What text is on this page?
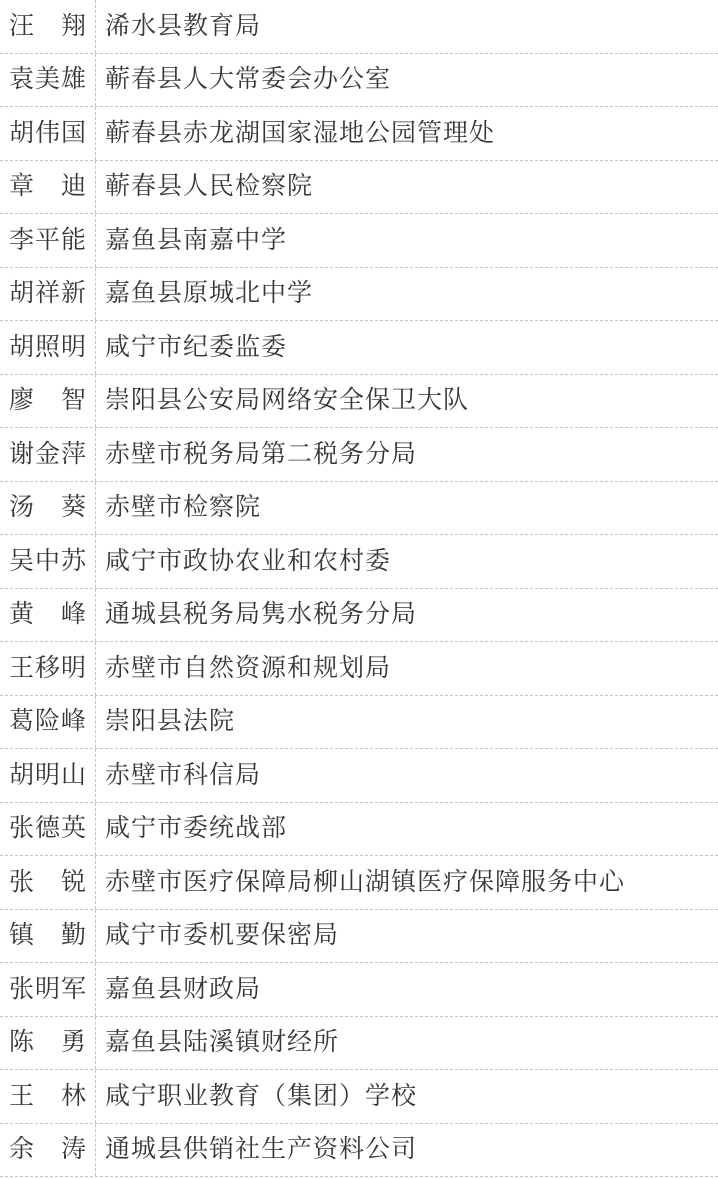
汪　翔 浠水县教育局
袁美雄 蕲春县人大常委会办公室
胡伟国 蕲春县赤龙湖国家湿地公园管理处
章　迪 蕲春县人民检察院
李平能 嘉鱼县南嘉中学
胡祥新 嘉鱼县原城北中学
胡照明 咸宁市纪委监委
廖　智 崇阳县公安局网络安全保卫大队
谢金萍 赤壁市税务局第二税务分局
汤　葵 赤壁市检察院
吴中苏 咸宁市政协农业和农村委
黄　峰 通城县税务局隽水税务分局
王移明 赤壁市自然资源和规划局
葛险峰 崇阳县法院
胡明山 赤壁市科信局
张德英 咸宁市委统战部
张　锐 赤壁市医疗保障局柳山湖镇医疗保障服务中心
镇　勤 咸宁市委机要保密局
张明军 嘉鱼县财政局
陈　勇 嘉鱼县陆溪镇财经所
王　林 咸宁职业教育（集团）学校
余　涛 通城县供销社生产资料公司
